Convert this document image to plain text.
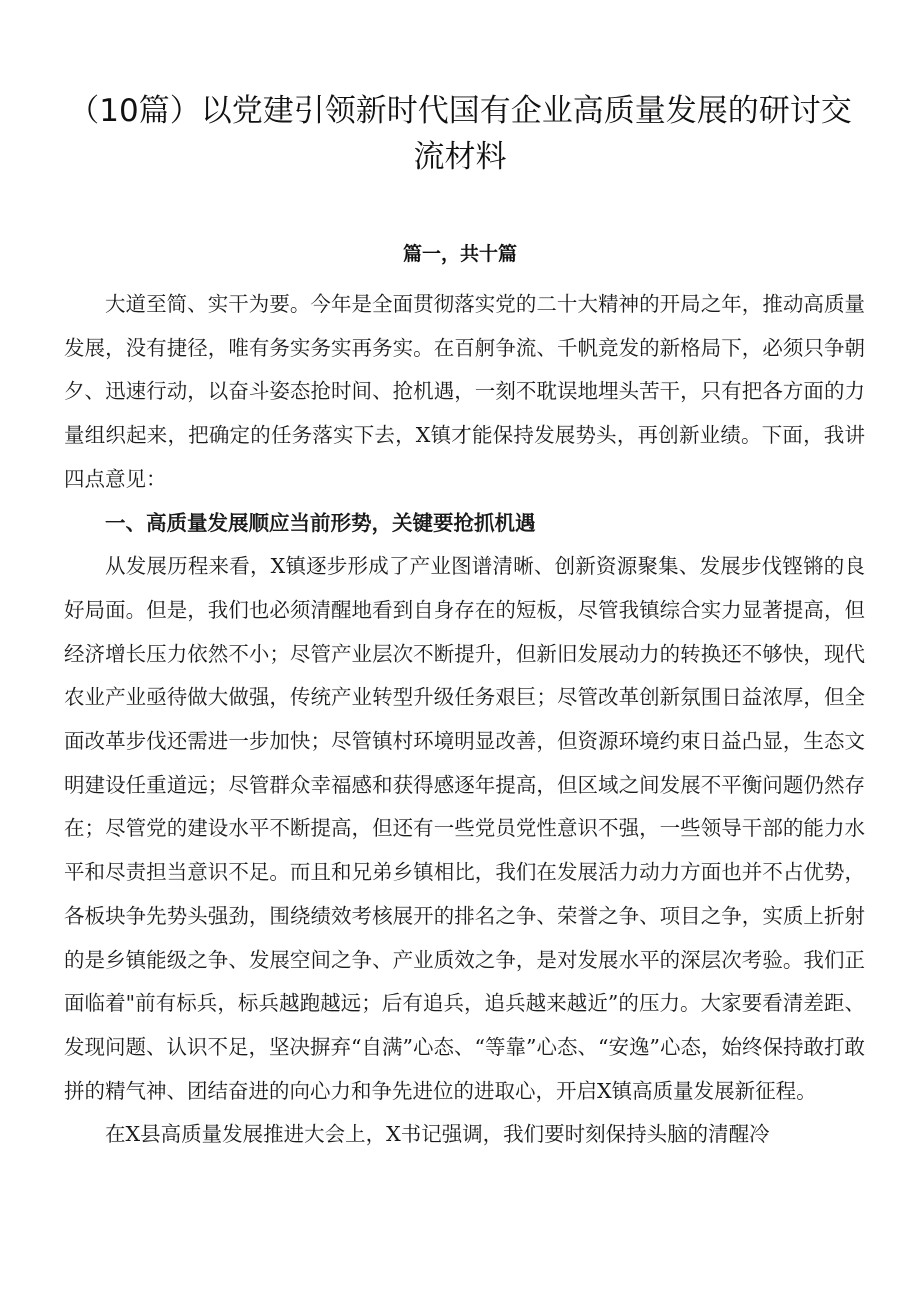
（10篇）以党建引领新时代国有企业高质量发展的研讨交流材料
篇一，共十篇

大道至简、实干为要。今年是全面贯彻落实党的二十大精神的开局之年，推动高质量发展，没有捷径，唯有务实务实再务实。在百舸争流、千帆竞发的新格局下，必须只争朝夕、迅速行动，以奋斗姿态抢时间、抢机遇，一刻不耽误地埋头苦干，只有把各方面的力量组织起来，把确定的任务落实下去，X镇才能保持发展势头，再创新业绩。下面，我讲四点意见：

一、高质量发展顺应当前形势，关键要抢抓机遇

从发展历程来看，X镇逐步形成了产业图谱清晰、创新资源聚集、发展步伐铿锵的良好局面。但是，我们也必须清醒地看到自身存在的短板，尽管我镇综合实力显著提高，但经济增长压力依然不小；尽管产业层次不断提升，但新旧发展动力的转换还不够快，现代农业产业亟待做大做强，传统产业转型升级任务艰巨；尽管改革创新氛围日益浓厚，但全面改革步伐还需进一步加快；尽管镇村环境明显改善，但资源环境约束日益凸显，生态文明建设任重道远；尽管群众幸福感和获得感逐年提高，但区域之间发展不平衡问题仍然存在；尽管党的建设水平不断提高，但还有一些党员党性意识不强，一些领导干部的能力水平和尽责担当意识不足。而且和兄弟乡镇相比，我们在发展活力动力方面也并不占优势，各板块争先势头强劲，围绕绩效考核展开的排名之争、荣誉之争、项目之争，实质上折射的是乡镇能级之争、发展空间之争、产业质效之争，是对发展水平的深层次考验。我们正面临着"前有标兵，标兵越跑越远；后有追兵，追兵越来越近”的压力。大家要看清差距、发现问题、认识不足，坚决摒弃“自满”心态、“等靠”心态、“安逸”心态，始终保持敢打敢拼的精气神、团结奋进的向心力和争先进位的进取心，开启X镇高质量发展新征程。

在X县高质量发展推进大会上，X书记强调，我们要时刻保持头脑的清醒冷
